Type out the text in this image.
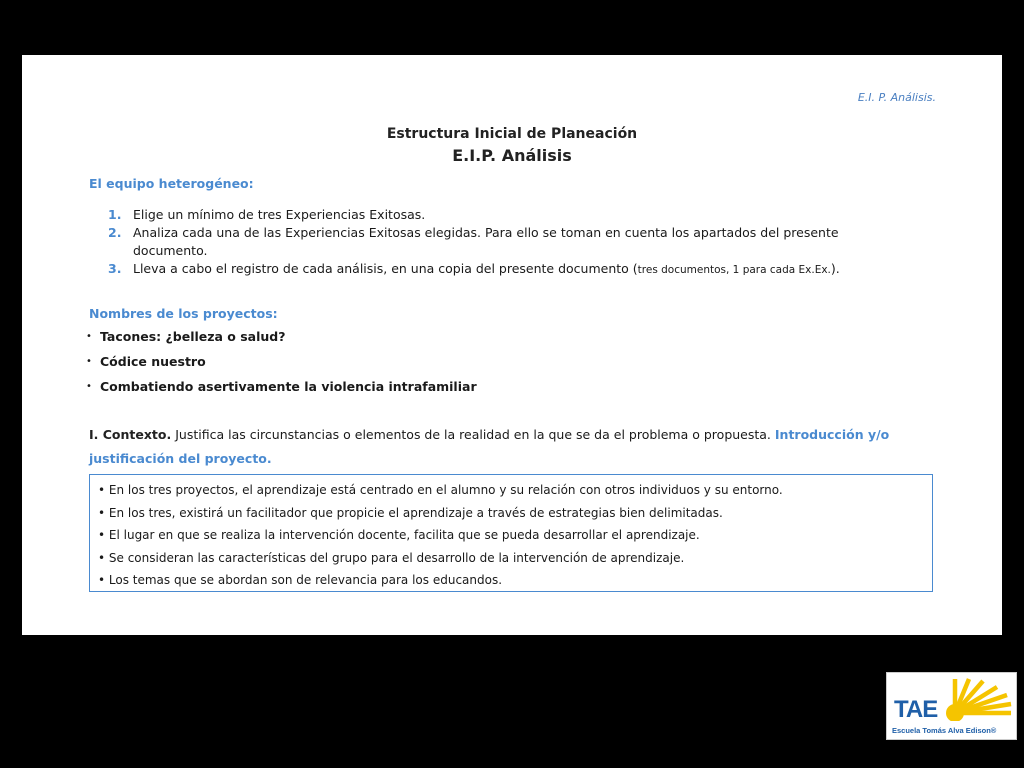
E.I. P. Análisis.
Estructura Inicial de Planeación
E.I.P. Análisis
El equipo heterogéneo:
1. Elige un mínimo de tres Experiencias Exitosas.
2. Analiza cada una de las Experiencias Exitosas elegidas. Para ello se toman en cuenta los apartados del presente documento.
3. Lleva a cabo el registro de cada análisis, en una copia del presente documento (tres documentos, 1 para cada Ex.Ex.).
Nombres de los proyectos:
• Tacones: ¿belleza o salud?
• Códice nuestro
• Combatiendo asertivamente la violencia intrafamiliar
I. Contexto. Justifica las circunstancias o elementos de la realidad en la que se da el problema o propuesta. Introducción y/o justificación del proyecto.
• En los tres proyectos, el aprendizaje está centrado en el alumno y su relación con otros individuos y su entorno.
• En los tres, existirá un facilitador que propicie el aprendizaje a través de estrategias bien delimitadas.
• El lugar en que se realiza la intervención docente, facilita que se pueda desarrollar el aprendizaje.
• Se consideran las características del grupo para el desarrollo de la intervención de aprendizaje.
• Los temas que se abordan son de relevancia para los educandos.
TAE
Escuela Tomás Alva Edison®
